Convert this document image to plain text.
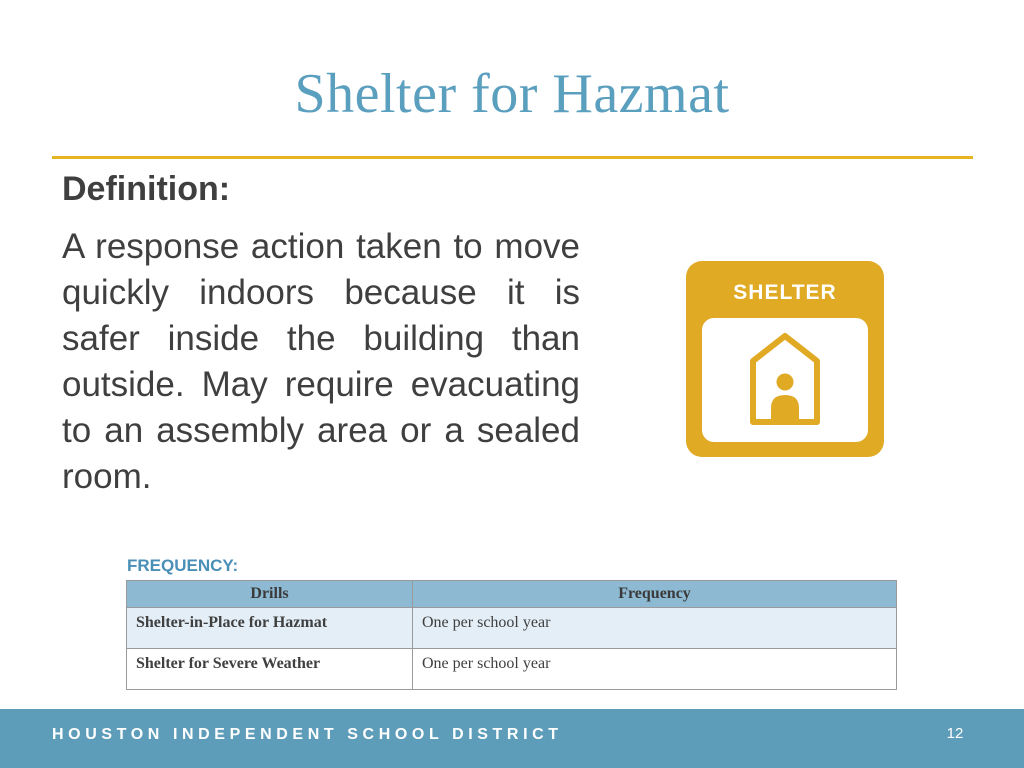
Shelter for Hazmat
Definition:
A response action taken to move quickly indoors because it is safer inside the building than outside. May require evacuating to an assembly area or a sealed room.
SHELTER
FREQUENCY:
Drills	Frequency
Shelter-in-Place for Hazmat	One per school year
Shelter for Severe Weather	One per school year
HOUSTON INDEPENDENT SCHOOL DISTRICT	12
